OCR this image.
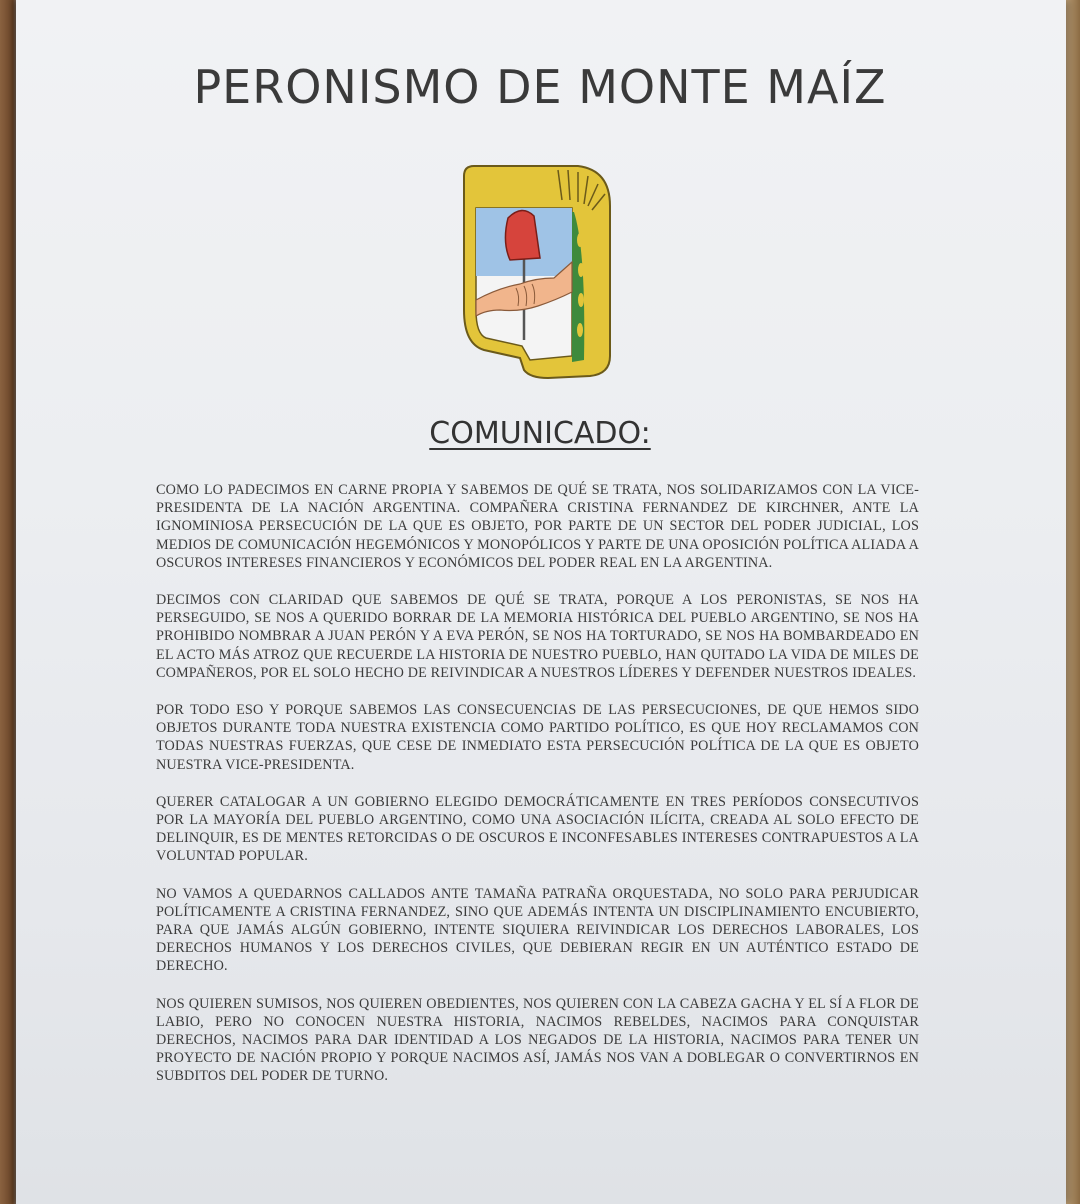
PERONISMO DE MONTE MAÍZ
COMUNICADO:

COMO LO PADECIMOS EN CARNE PROPIA Y SABEMOS DE QUÉ SE TRATA, NOS SOLIDARIZAMOS CON LA VICE-PRESIDENTA DE LA NACIÓN ARGENTINA. COMPAÑERA CRISTINA FERNANDEZ DE KIRCHNER, ANTE LA IGNOMINIOSA PERSECUCIÓN DE LA QUE ES OBJETO, POR PARTE DE UN SECTOR DEL PODER JUDICIAL, LOS MEDIOS DE COMUNICACIÓN HEGEMÓNICOS Y MONOPÓLICOS Y PARTE DE UNA OPOSICIÓN POLÍTICA ALIADA A OSCUROS INTERESES FINANCIEROS Y ECONÓMICOS DEL PODER REAL EN LA ARGENTINA.

DECIMOS CON CLARIDAD QUE SABEMOS DE QUÉ SE TRATA, PORQUE A LOS PERONISTAS, SE NOS HA PERSEGUIDO, SE NOS A QUERIDO BORRAR DE LA MEMORIA HISTÓRICA DEL PUEBLO ARGENTINO, SE NOS HA PROHIBIDO NOMBRAR A JUAN PERÓN Y A EVA PERÓN, SE NOS HA TORTURADO, SE NOS HA BOMBARDEADO EN EL ACTO MÁS ATROZ QUE RECUERDE LA HISTORIA DE NUESTRO PUEBLO, HAN QUITADO LA VIDA DE MILES DE COMPAÑEROS, POR EL SOLO HECHO DE REIVINDICAR A NUESTROS LÍDERES Y DEFENDER NUESTROS IDEALES.

POR TODO ESO Y PORQUE SABEMOS LAS CONSECUENCIAS DE LAS PERSECUCIONES, DE QUE HEMOS SIDO OBJETOS DURANTE TODA NUESTRA EXISTENCIA COMO PARTIDO POLÍTICO, ES QUE HOY RECLAMAMOS CON TODAS NUESTRAS FUERZAS, QUE CESE DE INMEDIATO ESTA PERSECUCIÓN POLÍTICA DE LA QUE ES OBJETO NUESTRA VICE-PRESIDENTA.

QUERER CATALOGAR A UN GOBIERNO ELEGIDO DEMOCRÁTICAMENTE EN TRES PERÍODOS CONSECUTIVOS POR LA MAYORÍA DEL PUEBLO ARGENTINO, COMO UNA ASOCIACIÓN ILÍCITA, CREADA AL SOLO EFECTO DE DELINQUIR, ES DE MENTES RETORCIDAS O DE OSCUROS E INCONFESABLES INTERESES CONTRAPUESTOS A LA VOLUNTAD POPULAR.

NO VAMOS A QUEDARNOS CALLADOS ANTE TAMAÑA PATRAÑA ORQUESTADA, NO SOLO PARA PERJUDICAR POLÍTICAMENTE A CRISTINA FERNANDEZ, SINO QUE ADEMÁS INTENTA UN DISCIPLINAMIENTO ENCUBIERTO, PARA QUE JAMÁS ALGÚN GOBIERNO, INTENTE SIQUIERA REIVINDICAR LOS DERECHOS LABORALES, LOS DERECHOS HUMANOS Y LOS DERECHOS CIVILES, QUE DEBIERAN REGIR EN UN AUTÉNTICO ESTADO DE DERECHO.

NOS QUIEREN SUMISOS, NOS QUIEREN OBEDIENTES, NOS QUIEREN CON LA CABEZA GACHA Y EL SÍ A FLOR DE LABIO, PERO NO CONOCEN NUESTRA HISTORIA, NACIMOS REBELDES, NACIMOS PARA CONQUISTAR DERECHOS, NACIMOS PARA DAR IDENTIDAD A LOS NEGADOS DE LA HISTORIA, NACIMOS PARA TENER UN PROYECTO DE NACIÓN PROPIO Y PORQUE NACIMOS ASÍ, JAMÁS NOS VAN A DOBLEGAR O CONVERTIRNOS EN SUBDITOS DEL PODER DE TURNO.
